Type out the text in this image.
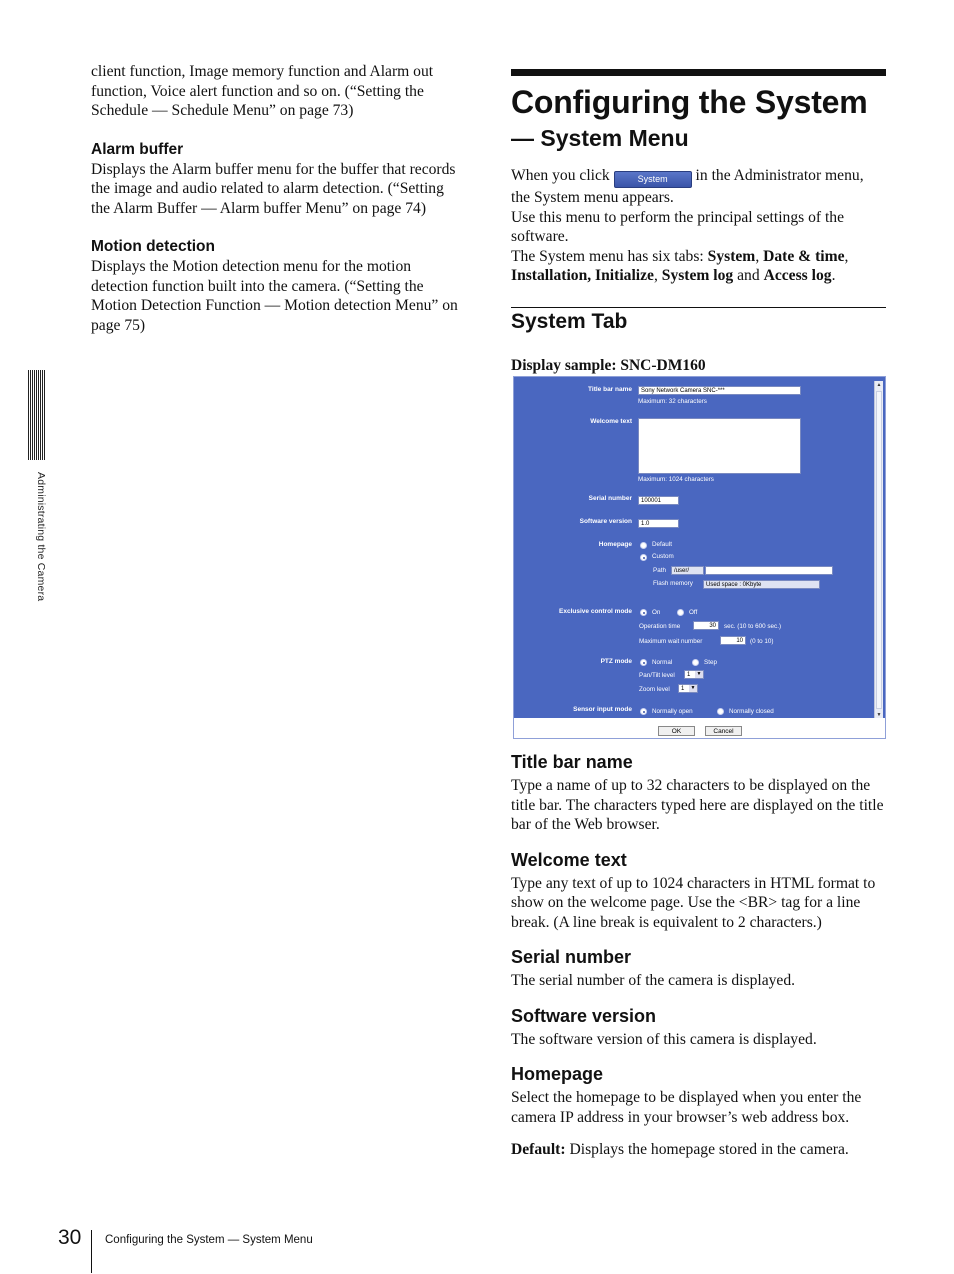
client function, Image memory function and Alarm out function, Voice alert function and so on. (“Setting the Schedule — Schedule Menu” on page 73)

Alarm buffer

Displays the Alarm buffer menu for the buffer that records the image and audio related to alarm detection. (“Setting the Alarm Buffer — Alarm buffer Menu” on page 74)

Motion detection

Displays the Motion detection menu for the motion detection function built into the camera. (“Setting the Motion Detection Function — Motion detection Menu” on page 75)

Administrating the Camera
Configuring the System
— System Menu

When you click	System in the Administrator menu, the System menu appears.
Use this menu to perform the principal settings of the software.
The System menu has six tabs: System, Date & time, Installation, Initialize, System log and Access log.

System Tab

Display sample: SNC-DM160

Title bar name	Sony Network Camera SNC-***
Maximum: 32 characters
Welcome text
Maximum: 1024 characters
Serial number	100001
Software version	1.0
Homepage	Default
Custom
Path	/user/
Flash memory	Used space : 0Kbyte
Exclusive control mode	On	Off
Operation time	30	sec. (10 to 600 sec.)
Maximum wait number	10	(0 to 10)
PTZ mode	Normal	Step
Pan/Tilt level	1	▼
Zoom level	1	▼
Sensor input mode	Normally open	Normally closed
▲
▼
OK	Cancel
Title bar name

Type a name of up to 32 characters to be displayed on the title bar. The characters typed here are displayed on the title bar of the Web browser.

Welcome text

Type any text of up to 1024 characters in HTML format to show on the welcome page. Use the <BR> tag for a line break. (A line break is equivalent to 2 characters.)

Serial number

The serial number of the camera is displayed.

Software version

The software version of this camera is displayed.

Homepage

Select the homepage to be displayed when you enter the camera IP address in your browser’s web address box.

Default: Displays the homepage stored in the camera.

30 Configuring the System — System Menu
